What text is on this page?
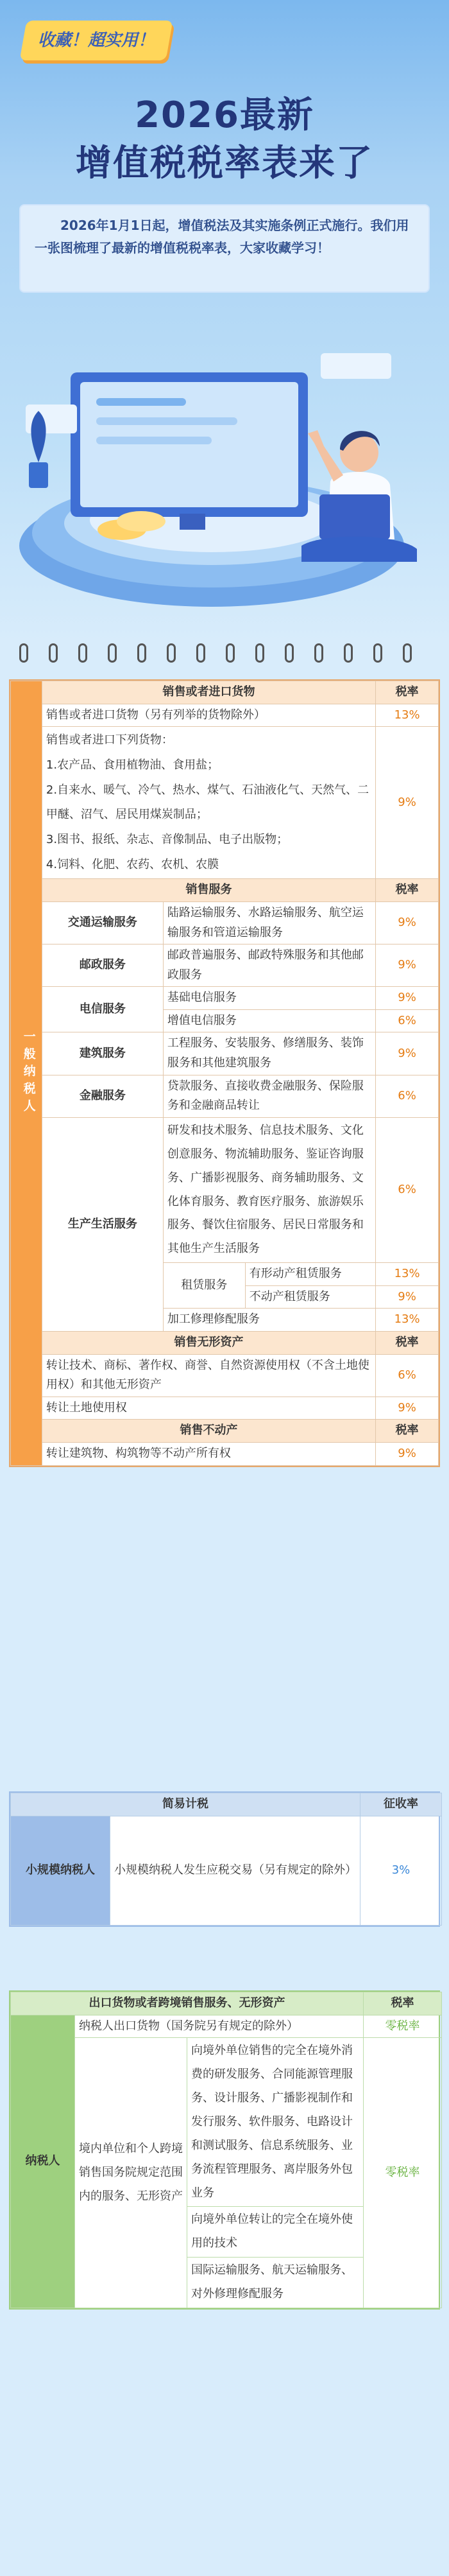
收藏！超实用！
2026最新
增值税税率表来了
2026年1月1日起，增值税法及其实施条例正式施行。我们用一张图梳理了最新的增值税税率表，大家收藏学习！
一般纳税人	销售或者进口货物			税率
	销售或者进口货物（另有列举的货物除外）			13%
	销售或者进口下列货物：
1.农产品、食用植物油、食用盐；
2.自来水、暖气、冷气、热水、煤气、石油液化气、天然气、二甲醚、沼气、居民用煤炭制品；
3.图书、报纸、杂志、音像制品、电子出版物；
4.饲料、化肥、农药、农机、农膜			9%
	销售服务			税率
	交通运输服务	陆路运输服务、水路运输服务、航空运输服务和管道运输服务		9%
	邮政服务	邮政普遍服务、邮政特殊服务和其他邮政服务		9%
	电信服务	基础电信服务		9%
		增值电信服务		6%
	建筑服务	工程服务、安装服务、修缮服务、装饰服务和其他建筑服务		9%
	金融服务	贷款服务、直接收费金融服务、保险服务和金融商品转让		6%
	生产生活服务	研发和技术服务、信息技术服务、文化创意服务、物流辅助服务、鉴证咨询服务、广播影视服务、商务辅助服务、文化体育服务、教育医疗服务、旅游娱乐服务、餐饮住宿服务、居民日常服务和其他生产生活服务		6%
		租赁服务	有形动产租赁服务	13%
			不动产租赁服务	9%
		加工修理修配服务		13%
	销售无形资产			税率
	转让技术、商标、著作权、商誉、自然资源使用权（不含土地使用权）和其他无形资产			6%
	转让土地使用权			9%
	销售不动产			税率
	转让建筑物、构筑物等不动产所有权			9%
简易计税		征收率
小规模纳税人	小规模纳税人发生应税交易（另有规定的除外）	3%
出口货物或者跨境销售服务、无形资产			税率
纳税人	纳税人出口货物（国务院另有规定的除外）		零税率
	境内单位和个人跨境销售国务院规定范围内的服务、无形资产	向境外单位销售的完全在境外消费的研发服务、合同能源管理服务、设计服务、广播影视制作和发行服务、软件服务、电路设计和测试服务、信息系统服务、业务流程管理服务、离岸服务外包业务	零税率
		向境外单位转让的完全在境外使用的技术	
		国际运输服务、航天运输服务、对外修理修配服务	
